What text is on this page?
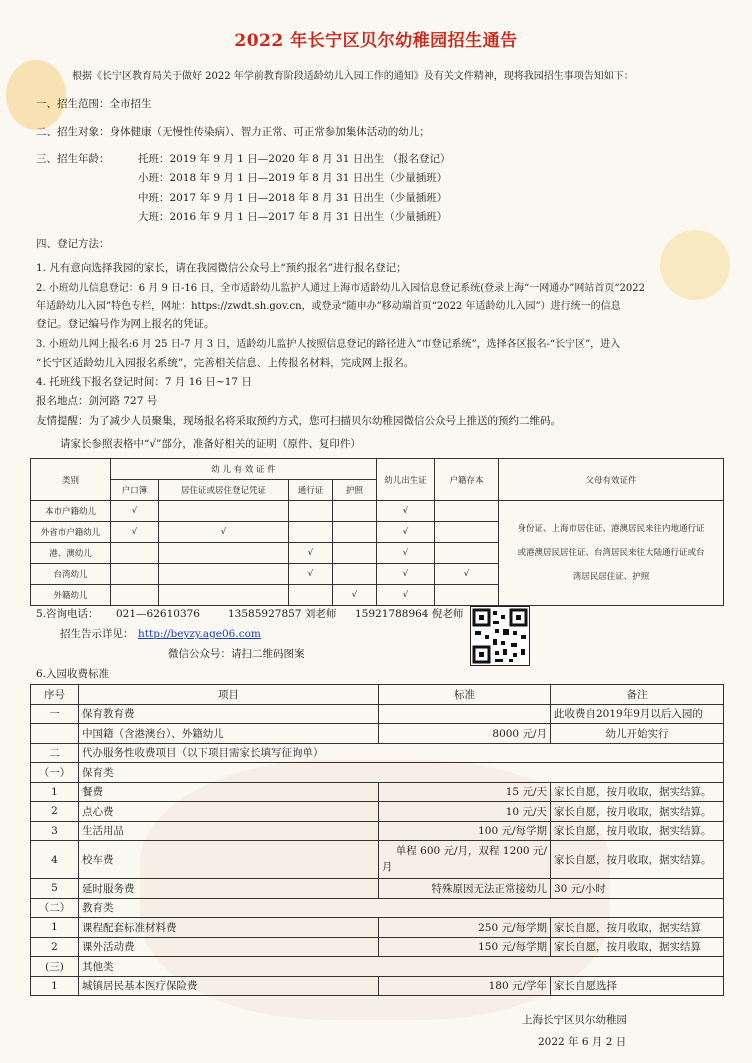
2022 年长宁区贝尔幼稚园招生通告
根据《长宁区教育局关于做好 2022 年学前教育阶段适龄幼儿入园工作的通知》及有关文件精神，现将我园招生事项告知如下：
一、招生范围：全市招生
二、招生对象：身体健康（无慢性传染病）、智力正常、可正常参加集体活动的幼儿；
三、招生年龄：	托班：2019 年 9 月 1 日—2020 年 8 月 31 日出生 （报名登记）
小班：2018 年 9 月 1 日—2019 年 8 月 31 日出生（少量插班）
中班：2017 年 9 月 1 日—2018 年 8 月 31 日出生（少量插班）
大班：2016 年 9 月 1 日—2017 年 8 月 31 日出生（少量插班）
四、登记方法：
1. 凡有意向选择我园的家长，请在我园微信公众号上“预约报名”进行报名登记；
2. 小班幼儿信息登记：6 月 9 日-16 日，全市适龄幼儿监护人通过上海市适龄幼儿入园信息登记系统(登录上海“一网通办”网站首页“2022
年适龄幼儿入园”特色专栏，网址：https://zwdt.sh.gov.cn，或登录“随申办”移动端首页“2022 年适龄幼儿入园”）进行统一的信息
登记。登记编号作为网上报名的凭证。
3. 小班幼儿网上报名:6 月 25 日-7 月 3 日，适龄幼儿监护人按照信息登记的路径进入“市登记系统”，选择各区报名-“长宁区”，进入
“长宁区适龄幼儿入园报名系统”，完善相关信息、上传报名材料，完成网上报名。
4. 托班线下报名登记时间：7 月 16 日~17 日
报名地点：剑河路 727 号
友情提醒：为了减少人员聚集，现场报名将采取预约方式，您可扫描贝尔幼稚园微信公众号上推送的预约二维码。
请家长参照表格中“√”部分，准备好相关的证明（原件、复印件）
类别	幼 儿 有 效 证 件				幼儿出生证	户籍存本	父母有效证件
	户口簿	居住证或居住登记凭证	通行证	护照			
本市户籍幼儿	√				√		身份证、上海市居住证、港澳居民来往内地通行证
或港澳居民居住证、台湾居民来往大陆通行证或台
湾居民居住证、护照

外省市户籍幼儿	√	√			√		
港、澳幼儿			√		√		
台湾幼儿			√		√	√	
外籍幼儿				√	√		
5.咨询电话： 021—62610376	13585927857 刘老师 15921788964 倪老师
招生告示详见： http://beyzy.age06.com
微信公众号：请扫二维码图案
6.入园收费标准
序号	项目	标准	备注
一	保育教育费		此收费自2019年9月以后入园的
	中国籍（含港澳台）、外籍幼儿	8000 元/月	幼儿开始实行
二	代办服务性收费项目（以下项目需家长填写征询单）		
（一）	保育类		
1	餐费	15 元/天	家长自愿，按月收取，据实结算。
2	点心费	10 元/天	家长自愿，按月收取，据实结算。
3	生活用品	100 元/每学期	家长自愿，按月收取，据实结算。
4	校车费	单程 600 元/月，双程 1200 元/
月	家长自愿，按月收取，据实结算。
5	延时服务费	特殊原因无法正常接幼儿	30 元/小时
（二）	教育类		
1	课程配套标准材料费	250 元/每学期	家长自愿，按月收取，据实结算
2	课外活动费	150 元/每学期	家长自愿，按月收取，据实结算
(三)	其他类		
1	城镇居民基本医疗保险费	180 元/学年	家长自愿选择
上海长宁区贝尔幼稚园
2022 年 6 月 2 日
